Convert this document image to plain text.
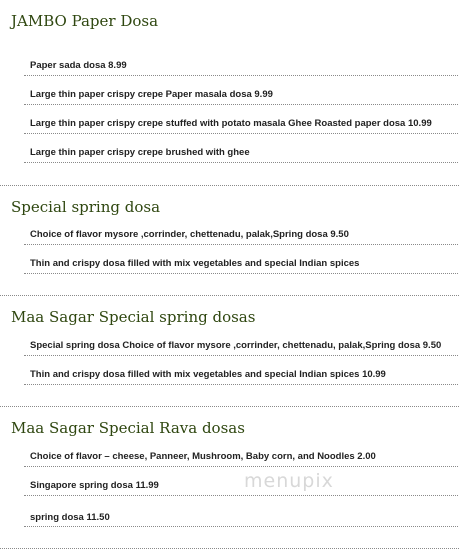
JAMBO Paper Dosa
Paper sada dosa 8.99
Large thin paper crispy crepe Paper masala dosa 9.99
Large thin paper crispy crepe stuffed with potato masala Ghee Roasted paper dosa 10.99
Large thin paper crispy crepe brushed with ghee
Special spring dosa
Choice of flavor mysore ,corrinder, chettenadu, palak,Spring dosa 9.50
Thin and crispy dosa filled with mix vegetables and special Indian spices
Maa Sagar Special spring dosas
Special spring dosa Choice of flavor mysore ,corrinder, chettenadu, palak,Spring dosa 9.50
Thin and crispy dosa filled with mix vegetables and special Indian spices 10.99
Maa Sagar Special Rava dosas
Choice of flavor – cheese, Panneer, Mushroom, Baby corn, and Noodles 2.00
Singapore spring dosa 11.99
spring dosa 11.50
menupix
